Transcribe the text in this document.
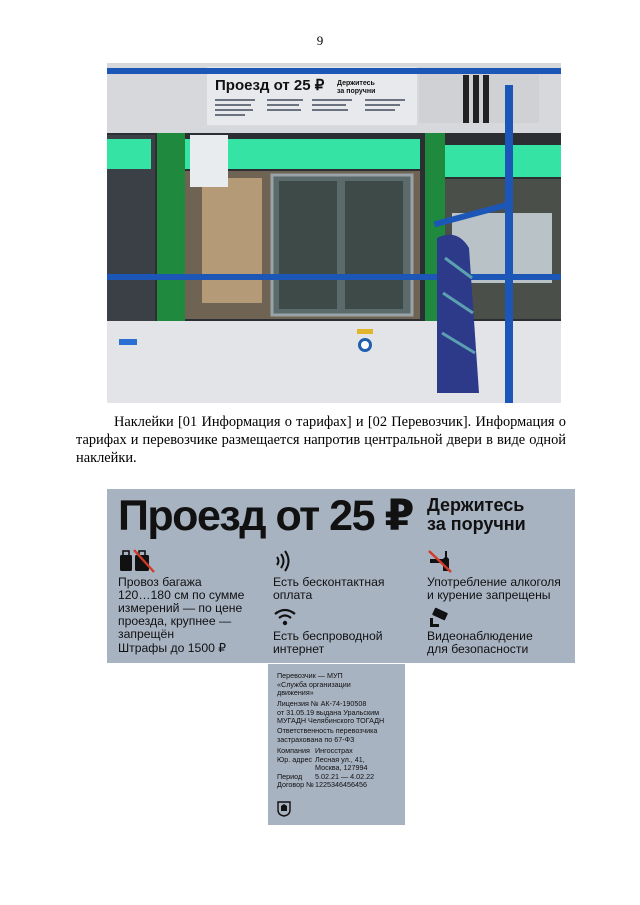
9
Проезд от 25 ₽ Держитесь
за поручни

Наклейки [01 Информация о тарифах] и [02 Перевозчик]. Информация о тарифах и перевозчике размещается напротив центральной двери в виде одной наклейки.

Проезд от 25 ₽ Держитесь
за поручни
Провоз багажа
120…180 см по сумме
измерений — по цене
проезда, крупнее —
запрещён
Штрафы до 1500 ₽
Есть бесконтактная
оплата
Есть беспроводной
интернет
Употребление алкоголя
и курение запрещены
Видеонаблюдение
для безопасности
Перевозчик — МУП
«Служба организации
движения»
Лицензия № АК-74-190508
от 31.05.19 выдана Уральским
МУГАДН Челябинского ТОГАДН
Ответственность перевозчика
застрахована по 67-ФЗ
Компания Ингосстрах
Юр. адрес Лесная ул., 41,
Москва, 127994
Период	5.02.21 — 4.02.22
Договор № 1225346456456
